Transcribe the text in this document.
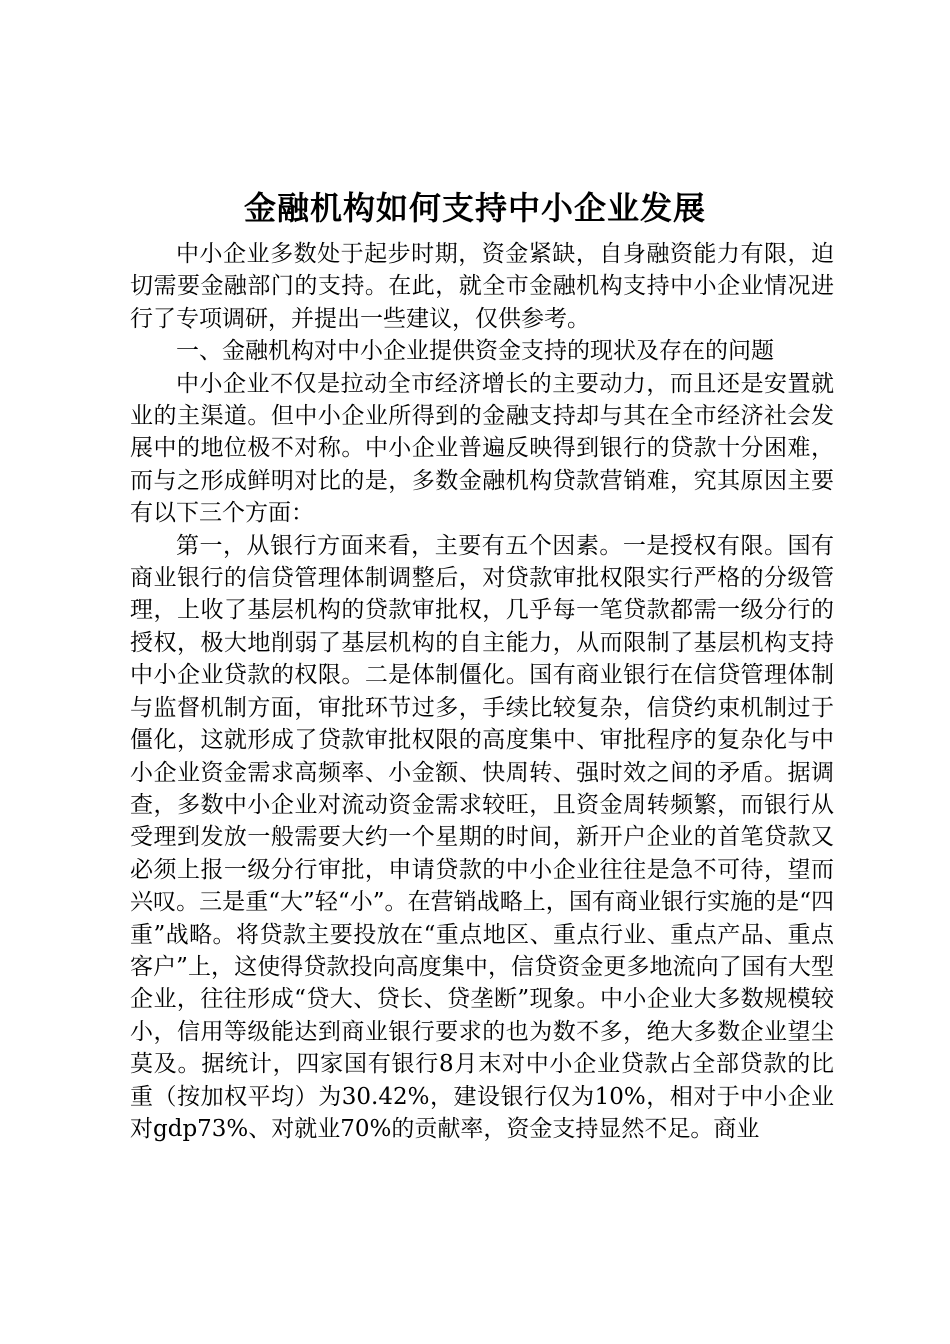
金融机构如何支持中小企业发展

中小企业多数处于起步时期，资金紧缺，自身融资能力有限，迫切需要金融部门的支持。在此，就全市金融机构支持中小企业情况进行了专项调研，并提出一些建议，仅供参考。

一、金融机构对中小企业提供资金支持的现状及存在的问题

中小企业不仅是拉动全市经济增长的主要动力，而且还是安置就业的主渠道。但中小企业所得到的金融支持却与其在全市经济社会发展中的地位极不对称。中小企业普遍反映得到银行的贷款十分困难，而与之形成鲜明对比的是，多数金融机构贷款营销难，究其原因主要有以下三个方面：

第一，从银行方面来看，主要有五个因素。一是授权有限。国有商业银行的信贷管理体制调整后，对贷款审批权限实行严格的分级管理，上收了基层机构的贷款审批权，几乎每一笔贷款都需一级分行的授权，极大地削弱了基层机构的自主能力，从而限制了基层机构支持中小企业贷款的权限。二是体制僵化。国有商业银行在信贷管理体制与监督机制方面，审批环节过多，手续比较复杂，信贷约束机制过于僵化，这就形成了贷款审批权限的高度集中、审批程序的复杂化与中小企业资金需求高频率、小金额、快周转、强时效之间的矛盾。据调查，多数中小企业对流动资金需求较旺，且资金周转频繁，而银行从受理到发放一般需要大约一个星期的时间，新开户企业的首笔贷款又必须上报一级分行审批，申请贷款的中小企业往往是急不可待，望而兴叹。三是重“大”轻“小”。在营销战略上，国有商业银行实施的是“四重”战略。将贷款主要投放在“重点地区、重点行业、重点产品、重点客户”上，这使得贷款投向高度集中，信贷资金更多地流向了国有大型企业，往往形成“贷大、贷长、贷垄断”现象。中小企业大多数规模较小，信用等级能达到商业银行要求的也为数不多，绝大多数企业望尘莫及。据统计，四家国有银行8月末对中小企业贷款占全部贷款的比重（按加权平均）为30.42%，建设银行仅为10%，相对于中小企业对gdp73%、对就业70%的贡献率，资金支持显然不足。商业
